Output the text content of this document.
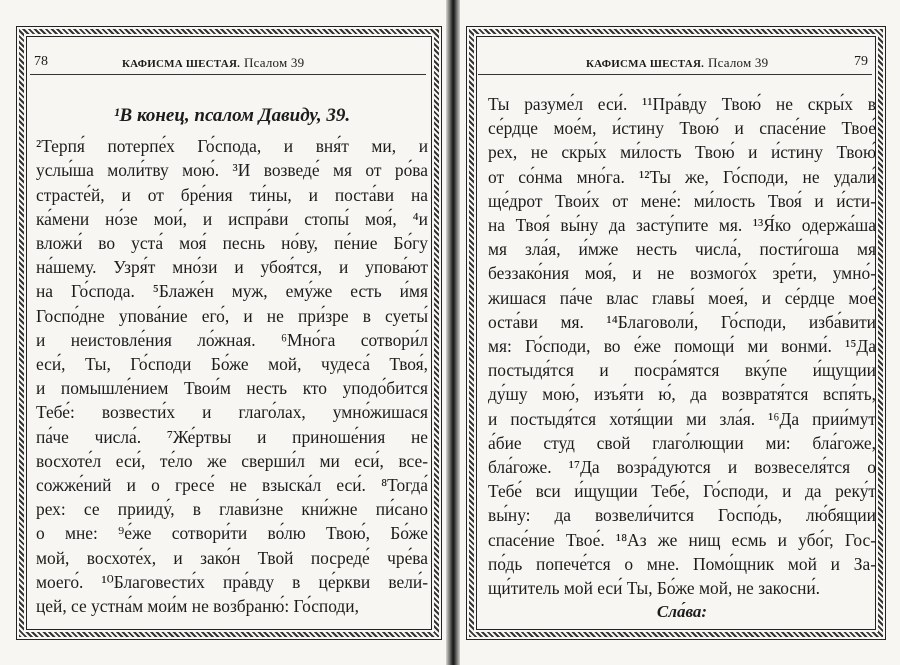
78	КАФИСМА ШЕСТАЯ. Псалом 39
¹В конец, псалом Давиду, 39.
²Терпя́ потерпе́х Го́спода, и вня́т ми, и
услы́ша моли́тву мою́. ³И возведе́ мя от ро́ва
страсте́й, и от бре́ния ти́ны, и поста́ви на
ка́мени но́зе мои́, и испра́ви стопы́ моя́, ⁴и
вложи́ во уста́ моя́ песнь но́ву, пе́ние Бо́гу
на́шему. Узря́т мно́зи и убоя́тся, и упова́ют
на Го́спода. ⁵Блаже́н муж, ему́же есть и́мя
Госпо́дне упова́ние его́, и не при́зре в суеты́
и неистовле́ния ло́жная. ⁶Мно́га сотвори́л
еси́, Ты, Го́споди Бо́же мой, чудеса́ Твоя́,
и помышле́нием Твои́м несть кто уподо́бится
Тебе́: возвести́х и глаго́лах, умно́жишася
па́че числа́. ⁷Же́ртвы и приноше́ния не
восхоте́л еси́, те́ло же сверши́л ми еси́, все-
сожже́ний и о гресе́ не взыска́л еси́. ⁸Тогда́
рех: се прииду́, в глави́зне кни́жне пи́сано
о мне: ⁹е́же сотвори́ти во́лю Твою́, Бо́же
мой, восхоте́х, и зако́н Твой посреде́ чре́ва
моего́. ¹⁰Благовести́х пра́вду в це́ркви вели́-
цей, се устна́м мои́м не возбраню́: Го́споди,
КАФИСМА ШЕСТАЯ. Псалом 39	79
Ты разуме́л еси́. ¹¹Пра́вду Твою́ не скры́х в
се́рдце мое́м, и́стину Твою́ и спасе́ние Твое́
рех, не скры́х ми́лость Твою́ и и́стину Твою́
от со́нма мно́га. ¹²Ты же, Го́споди, не удали́
ще́дрот Твои́х от мене́: ми́лость Твоя́ и и́сти-
на Твоя́ вы́ну да засту́пите мя. ¹³Я́ко одержа́ша
мя зла́я, и́мже несть числа́, пости́гоша мя
беззако́ния моя́, и не возмого́х зре́ти, умно́-
жишася па́че влас главы́ моея́, и се́рдце мое́
оста́ви мя. ¹⁴Благоволи́, Го́споди, изба́вити
мя: Го́споди, во е́же помощи́ ми вонми́. ¹⁵Да
постыдя́тся и посра́мятся вку́пе и́щущии
ду́шу мою́, изъя́ти ю́, да возвратя́тся вспя́ть,
и постыдя́тся хотя́щии ми зла́я. ¹⁶Да прии́мут
а́бие студ свой глаго́лющии ми: бла́гоже,
бла́гоже. ¹⁷Да возра́дуются и возвеселя́тся о
Тебе́ вси и́щущии Тебе́, Го́споди, и да реку́т
вы́ну: да возвели́чится Госпо́дь, лю́бящии
спасе́ние Твое́. ¹⁸Аз же нищ есмь и убо́г, Гос-
по́дь попече́тся о мне. Помо́щник мой и За-
щи́титель мой еси́ Ты, Бо́же мой, не закосни́.
Сла́ва:
